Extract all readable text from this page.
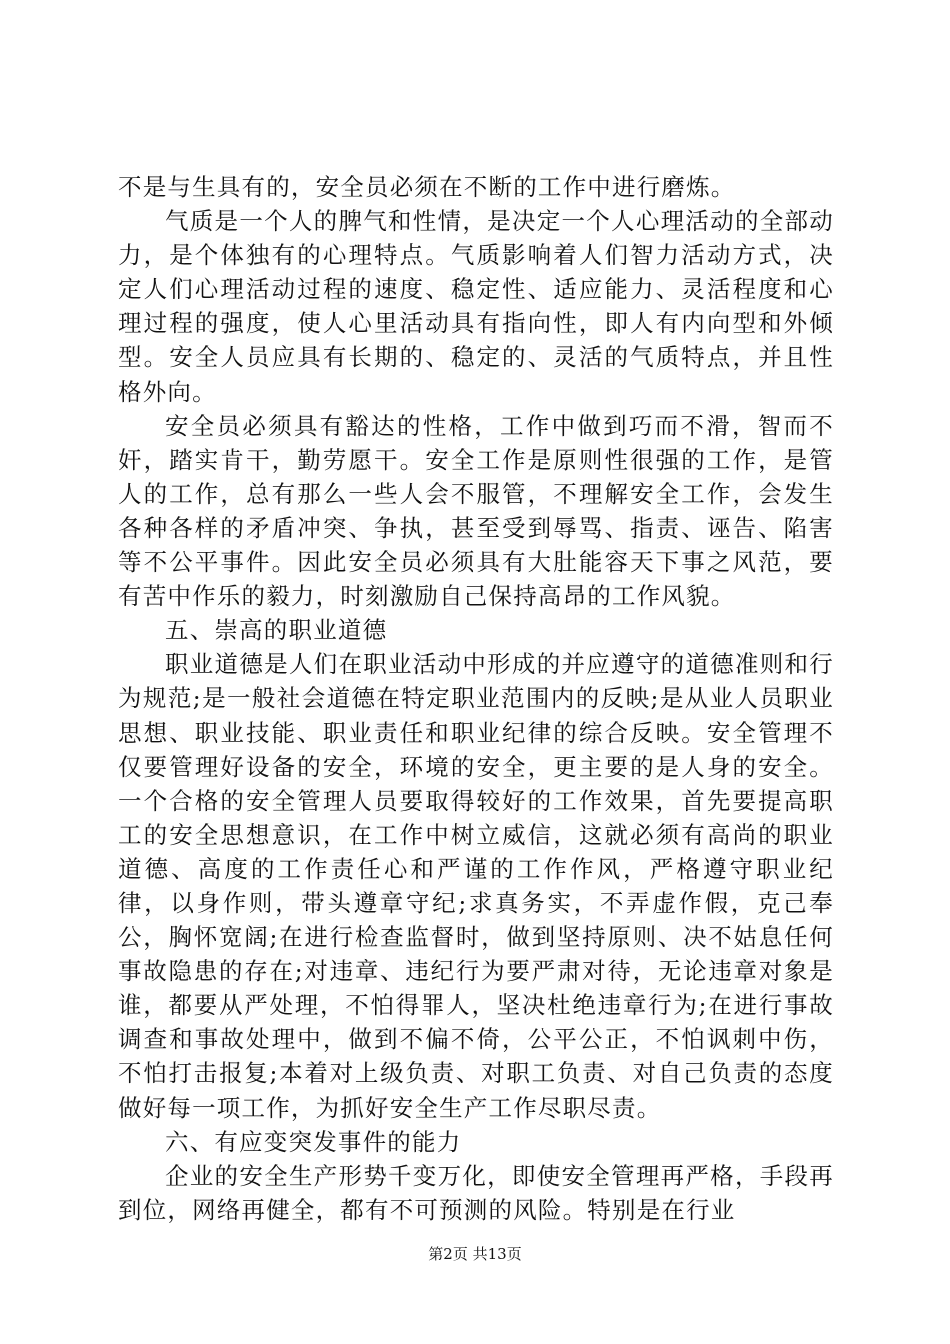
不是与生具有的，安全员必须在不断的工作中进行磨炼。

气质是一个人的脾气和性情，是决定一个人心理活动的全部动力，是个体独有的心理特点。气质影响着人们智力活动方式，决定人们心理活动过程的速度、稳定性、适应能力、灵活程度和心理过程的强度，使人心里活动具有指向性，即人有内向型和外倾型。安全人员应具有长期的、稳定的、灵活的气质特点，并且性格外向。

安全员必须具有豁达的性格，工作中做到巧而不滑，智而不奸，踏实肯干，勤劳愿干。安全工作是原则性很强的工作，是管人的工作，总有那么一些人会不服管，不理解安全工作，会发生各种各样的矛盾冲突、争执，甚至受到辱骂、指责、诬告、陷害等不公平事件。因此安全员必须具有大肚能容天下事之风范，要有苦中作乐的毅力，时刻激励自己保持高昂的工作风貌。

五、崇高的职业道德

职业道德是人们在职业活动中形成的并应遵守的道德准则和行为规范;是一般社会道德在特定职业范围内的反映;是从业人员职业思想、职业技能、职业责任和职业纪律的综合反映。安全管理不仅要管理好设备的安全，环境的安全，更主要的是人身的安全。一个合格的安全管理人员要取得较好的工作效果，首先要提高职工的安全思想意识，在工作中树立威信，这就必须有高尚的职业道德、高度的工作责任心和严谨的工作作风，严格遵守职业纪律，以身作则，带头遵章守纪;求真务实，不弄虚作假，克己奉公，胸怀宽阔;在进行检查监督时，做到坚持原则、决不姑息任何事故隐患的存在;对违章、违纪行为要严肃对待，无论违章对象是谁，都要从严处理，不怕得罪人，坚决杜绝违章行为;在进行事故调查和事故处理中，做到不偏不倚，公平公正，不怕讽刺中伤，不怕打击报复;本着对上级负责、对职工负责、对自己负责的态度做好每一项工作，为抓好安全生产工作尽职尽责。

六、有应变突发事件的能力

企业的安全生产形势千变万化，即使安全管理再严格，手段再到位，网络再健全，都有不可预测的风险。特别是在行业

第2页 共13页
